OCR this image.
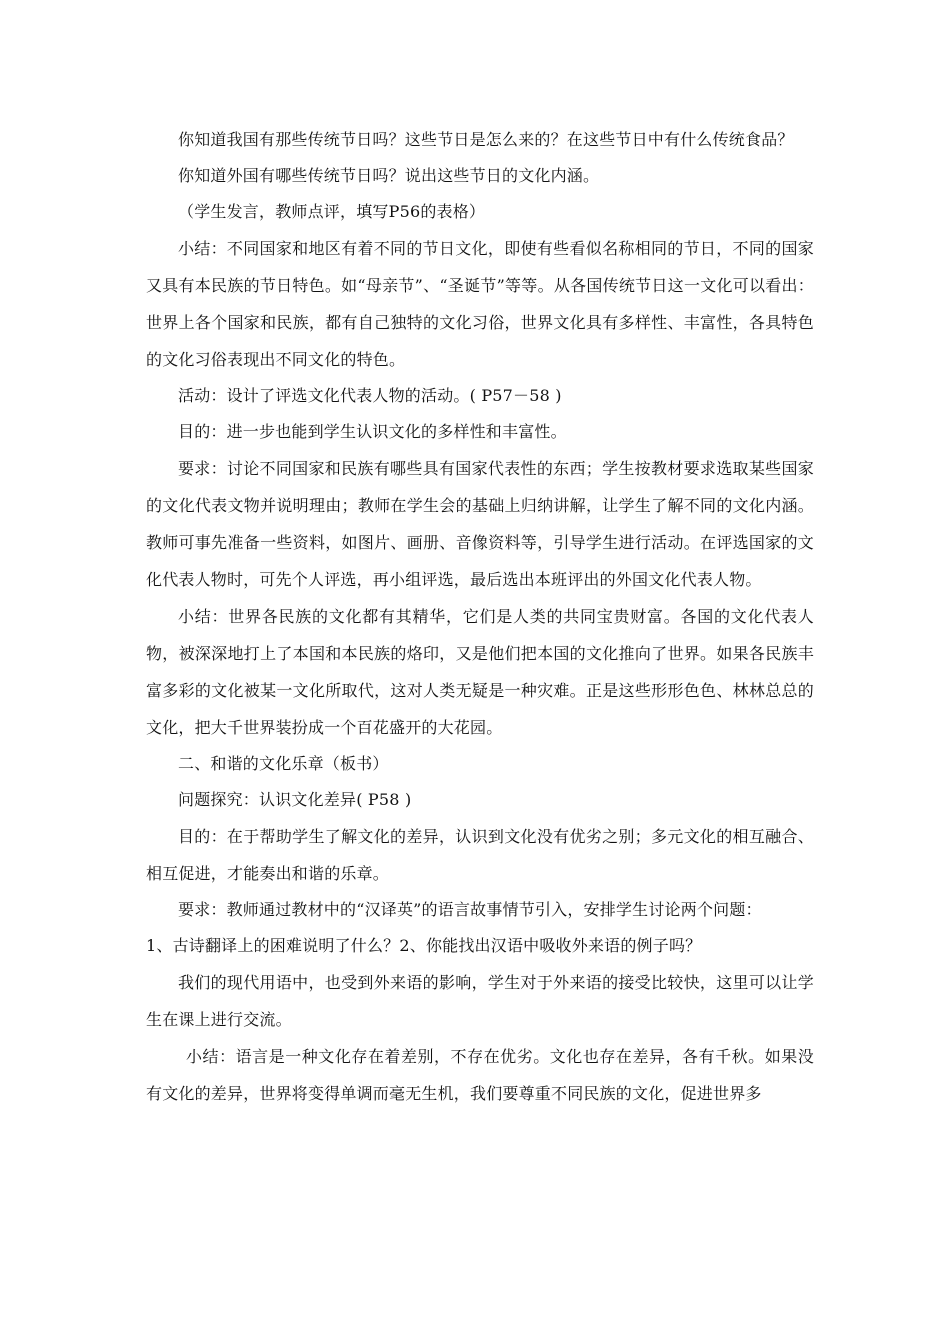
你知道我国有那些传统节日吗？这些节日是怎么来的？在这些节日中有什么传统食品？

你知道外国有哪些传统节日吗？说出这些节日的文化内涵。

（学生发言，教师点评，填写P56的表格）

小结：不同国家和地区有着不同的节日文化，即使有些看似名称相同的节日，不同的国家又具有本民族的节日特色。如“母亲节”、“圣诞节”等等。从各国传统节日这一文化可以看出：世界上各个国家和民族，都有自己独特的文化习俗，世界文化具有多样性、丰富性，各具特色的文化习俗表现出不同文化的特色。

活动：设计了评选文化代表人物的活动。( P57－58 )

目的：进一步也能到学生认识文化的多样性和丰富性。

要求：讨论不同国家和民族有哪些具有国家代表性的东西；学生按教材要求选取某些国家的文化代表文物并说明理由；教师在学生会的基础上归纳讲解，让学生了解不同的文化内涵。教师可事先准备一些资料，如图片、画册、音像资料等，引导学生进行活动。在评选国家的文化代表人物时，可先个人评选，再小组评选，最后选出本班评出的外国文化代表人物。

小结：世界各民族的文化都有其精华，它们是人类的共同宝贵财富。各国的文化代表人物，被深深地打上了本国和本民族的烙印，又是他们把本国的文化推向了世界。如果各民族丰富多彩的文化被某一文化所取代，这对人类无疑是一种灾难。正是这些形形色色、林林总总的文化，把大千世界装扮成一个百花盛开的大花园。

二、和谐的文化乐章（板书）

问题探究：认识文化差异( P58 )

目的：在于帮助学生了解文化的差异，认识到文化没有优劣之别；多元文化的相互融合、相互促进，才能奏出和谐的乐章。

要求：教师通过教材中的“汉译英”的语言故事情节引入，安排学生讨论两个问题：

1、古诗翻译上的困难说明了什么？2、你能找出汉语中吸收外来语的例子吗？

我们的现代用语中，也受到外来语的影响，学生对于外来语的接受比较快，这里可以让学生在课上进行交流。

小结：语言是一种文化存在着差别，不存在优劣。文化也存在差异，各有千秋。如果没有文化的差异，世界将变得单调而毫无生机，我们要尊重不同民族的文化，促进世界多
